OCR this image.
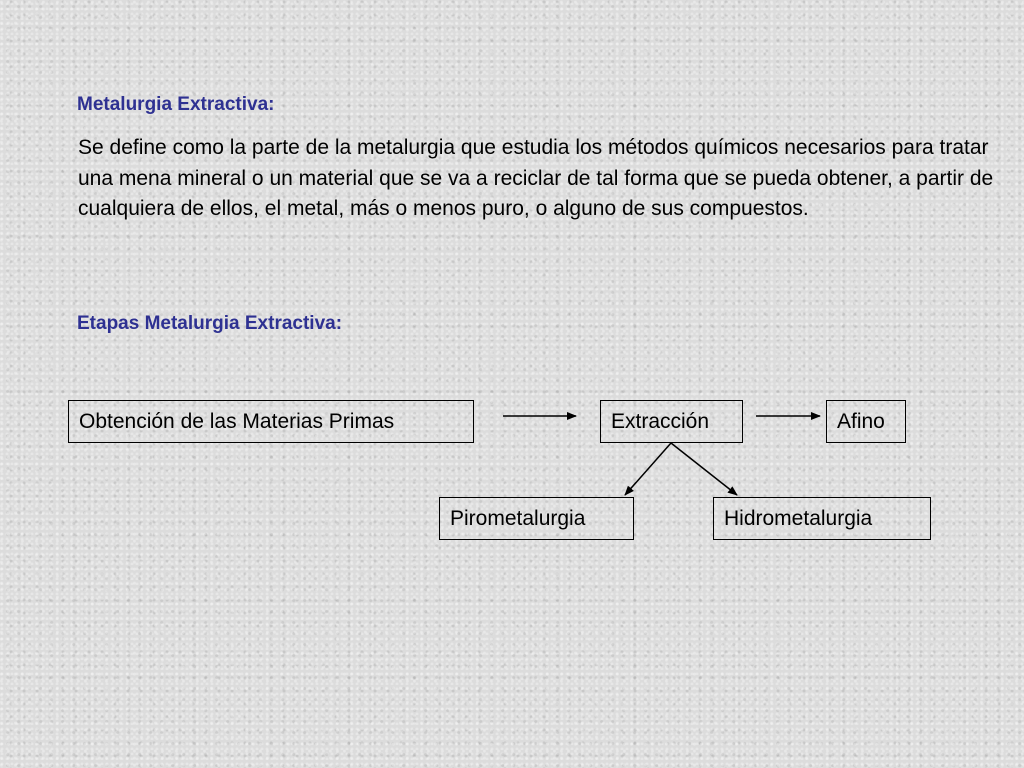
Metalurgia Extractiva:

Se define como la parte de la metalurgia que estudia los métodos químicos necesarios para tratar una mena mineral o un material que se va a reciclar de tal forma que se pueda obtener, a partir de cualquiera de ellos, el metal, más o menos puro, o alguno de sus compuestos.

Etapas Metalurgia Extractiva:
Obtención de las Materias Primas	Extracción	Afino
Pirometalurgia	Hidrometalurgia
